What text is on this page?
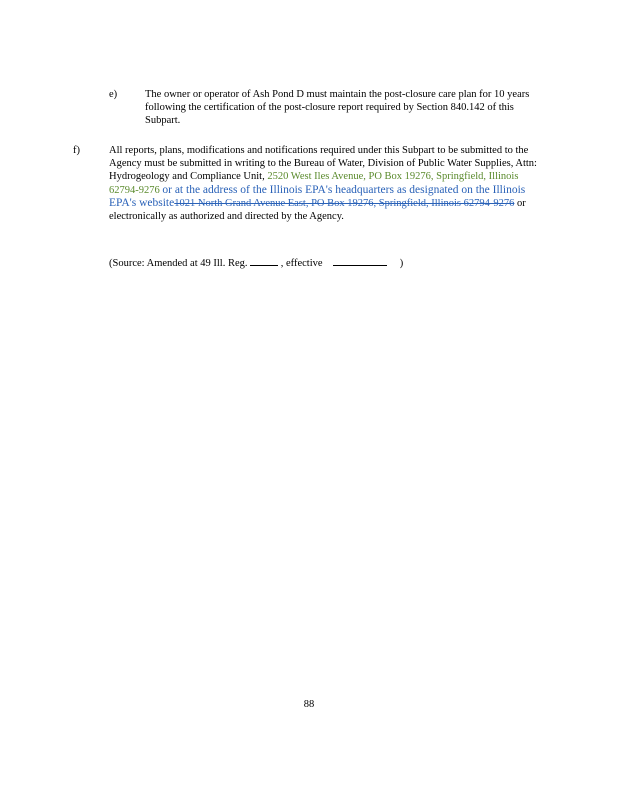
e)	The owner or operator of Ash Pond D must maintain the post-closure care plan for 10 years following the certification of the post-closure report required by Section 840.142 of this Subpart.
f)	All reports, plans, modifications and notifications required under this Subpart to be submitted to the Agency must be submitted in writing to the Bureau of Water, Division of Public Water Supplies, Attn: Hydrogeology and Compliance Unit, 2520 West Iles Avenue, PO Box 19276, Springfield, Illinois 62794-9276 or at the address of the Illinois EPA's headquarters as designated on the Illinois EPA's website1021 North Grand Avenue East, PO Box 19276, Springfield, Illinois 62794-9276 or electronically as authorized and directed by the Agency.
(Source: Amended at 49 Ill. Reg.	, effective	)
88
